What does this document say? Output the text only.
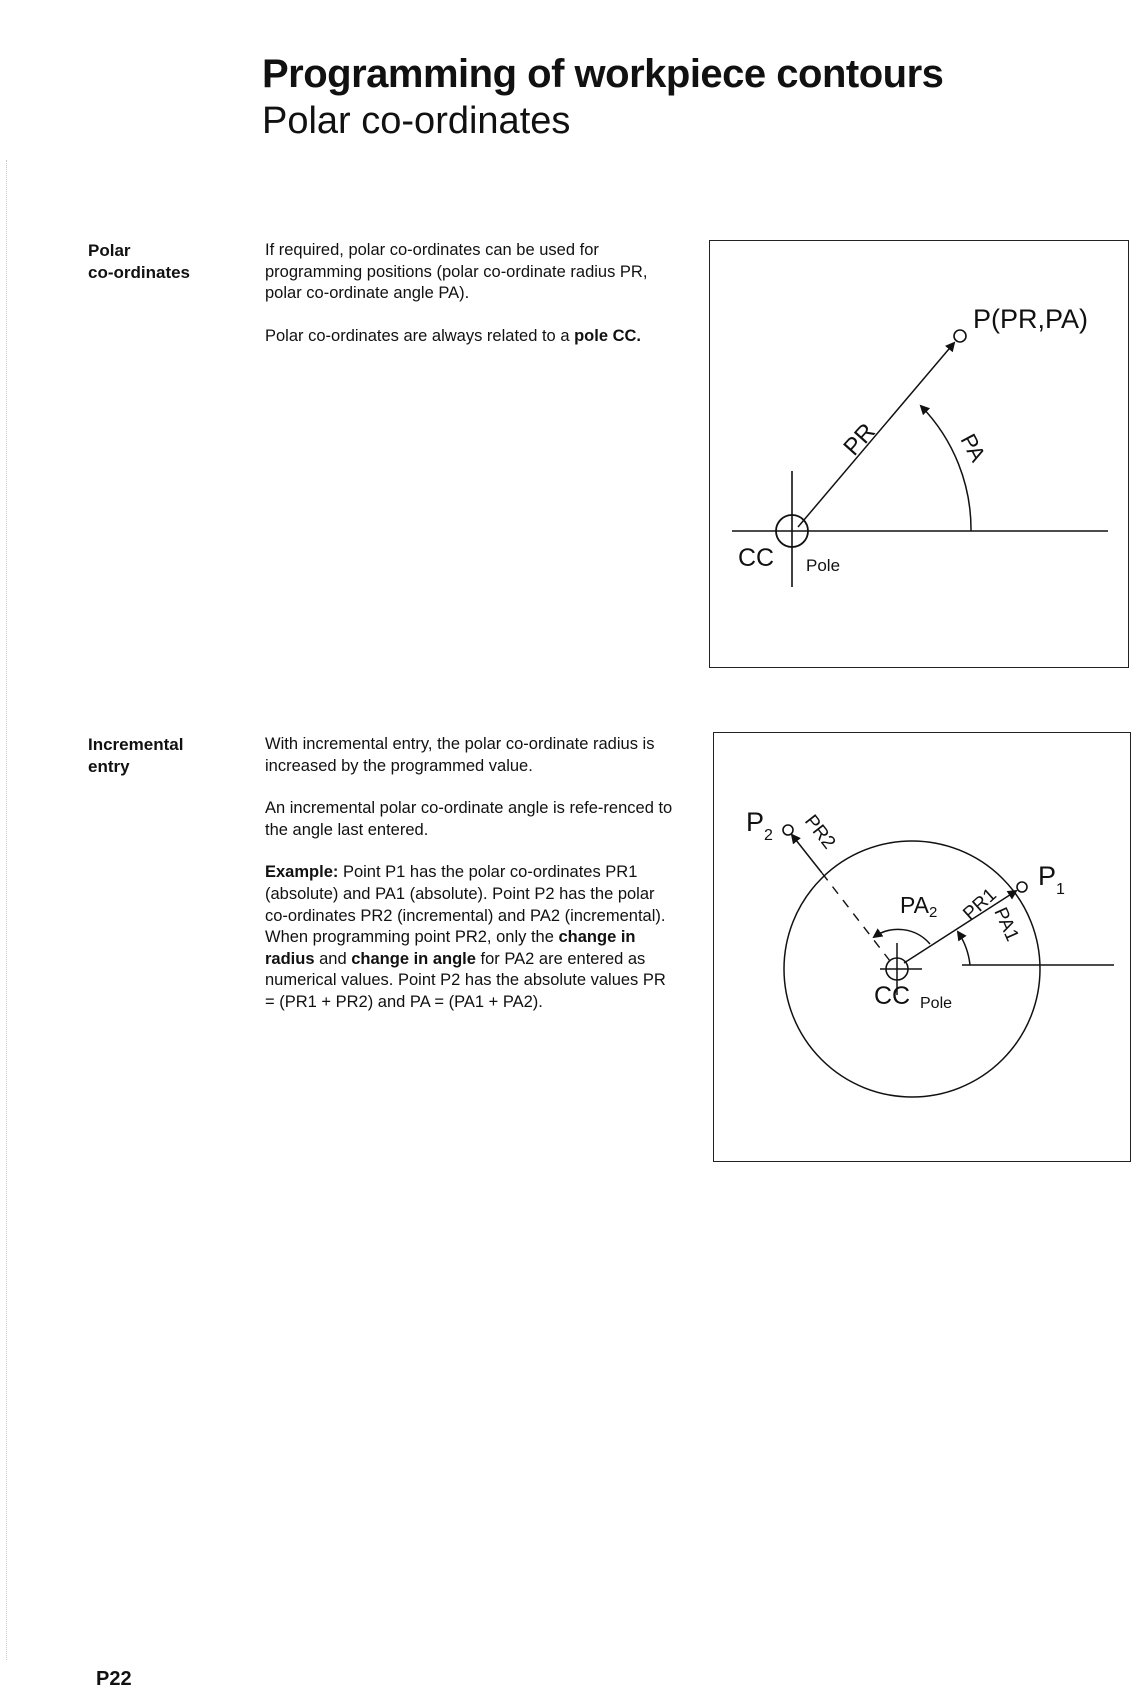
Programming of workpiece contours
Polar co-ordinates
Polar
co-ordinates

If required, polar co-ordinates can be used for programming positions (polar co-ordinate radius PR, polar co-ordinate angle PA).

Polar co-ordinates are always related to a pole CC.

Incremental
entry

With incremental entry, the polar co-ordinate radius is increased by the programmed value.

An incremental polar co-ordinate angle is refe-renced to the angle last entered.

Example: Point P1 has the polar co-ordinates PR1 (absolute) and PA1 (absolute). Point P2 has the polar co-ordinates PR2 (incremental) and PA2 (incremental). When programming point PR2, only the change in radius and change in angle for PA2 are entered as numerical values. Point P2 has the absolute values PR = (PR1 + PR2) and PA = (PA1 + PA2).

P(PR,PA)
PR	PA
CC Pole
$P_1$
$P_2$
PR1
PA1
PR2
PA2
CC Pole
P22
